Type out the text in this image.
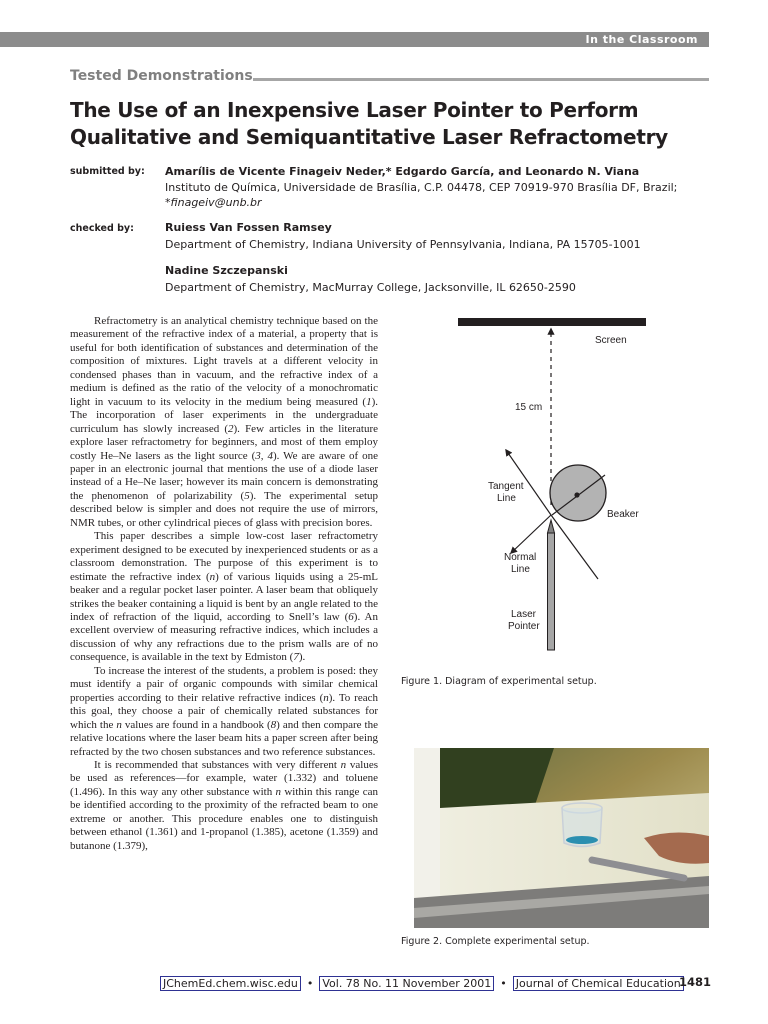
In the Classroom
Tested Demonstrations
The Use of an Inexpensive Laser Pointer to Perform
Qualitative and Semiquantitative Laser Refractometry
submitted by: Amarílis de Vicente Finageiv Neder,* Edgardo García, and Leonardo N. Viana
Instituto de Química, Universidade de Brasília, C.P. 04478, CEP 70919-970 Brasília DF, Brazil;
*finageiv@unb.br
checked by:	Ruiess Van Fossen Ramsey
Department of Chemistry, Indiana University of Pennsylvania, Indiana, PA 15705-1001
Nadine Szczepanski
Department of Chemistry, MacMurray College, Jacksonville, IL 62650-2590

Refractometry is an analytical chemistry technique based on the measurement of the refractive index of a material, a property that is useful for both identification of substances and determination of the composition of mixtures. Light travels at a different velocity in condensed phases than in vacuum, and the refractive index of a medium is defined as the ratio of the velocity of a monochromatic light in vacuum to its velocity in the medium being measured (1). The incorporation of laser experiments in the undergraduate curriculum has slowly increased (2). Few articles in the literature explore laser refractometry for beginners, and most of them employ costly He–Ne lasers as the light source (3, 4). We are aware of one paper in an electronic journal that mentions the use of a diode laser instead of a He–Ne laser; however its main concern is demonstrating the phenomenon of polarizability (5). The experimental setup described below is simpler and does not require the use of mirrors, NMR tubes, or other cylindrical pieces of glass with precision bores.

This paper describes a simple low-cost laser refractometry experiment designed to be executed by inexperienced students or as a classroom demonstration. The purpose of this experiment is to estimate the refractive index (n) of various liquids using a 25-mL beaker and a regular pocket laser pointer. A laser beam that obliquely strikes the beaker containing a liquid is bent by an angle related to the index of refraction of the liquid, according to Snell’s law (6). An excellent overview of measuring refractive indices, which includes a discussion of why any refractions due to the prism walls are of no consequence, is available in the text by Edmiston (7).

To increase the interest of the students, a problem is posed: they must identify a pair of organic compounds with similar chemical properties according to their relative refractive indices (n). To reach this goal, they choose a pair of chemically related substances for which the n values are found in a handbook (8) and then compare the relative locations where the laser beam hits a paper screen after being refracted by the two chosen substances and two reference substances.

It is recommended that substances with very different n values be used as references—for example, water (1.332) and toluene (1.496). In this way any other substance with n within this range can be identified according to the proximity of the refracted beam to one extreme or another. This procedure enables one to distinguish between ethanol (1.361) and 1-propanol (1.385), acetone (1.359) and butanone (1.379),

Screen
15 cm
Tangent
Line
Beaker
Normal
Line
Laser
Pointer
Figure 1. Diagram of experimental setup.
Figure 2. Complete experimental setup.
JChemEd.chem.wisc.edu • Vol. 78 No. 11 November 2001 • Journal of Chemical Education
1481
